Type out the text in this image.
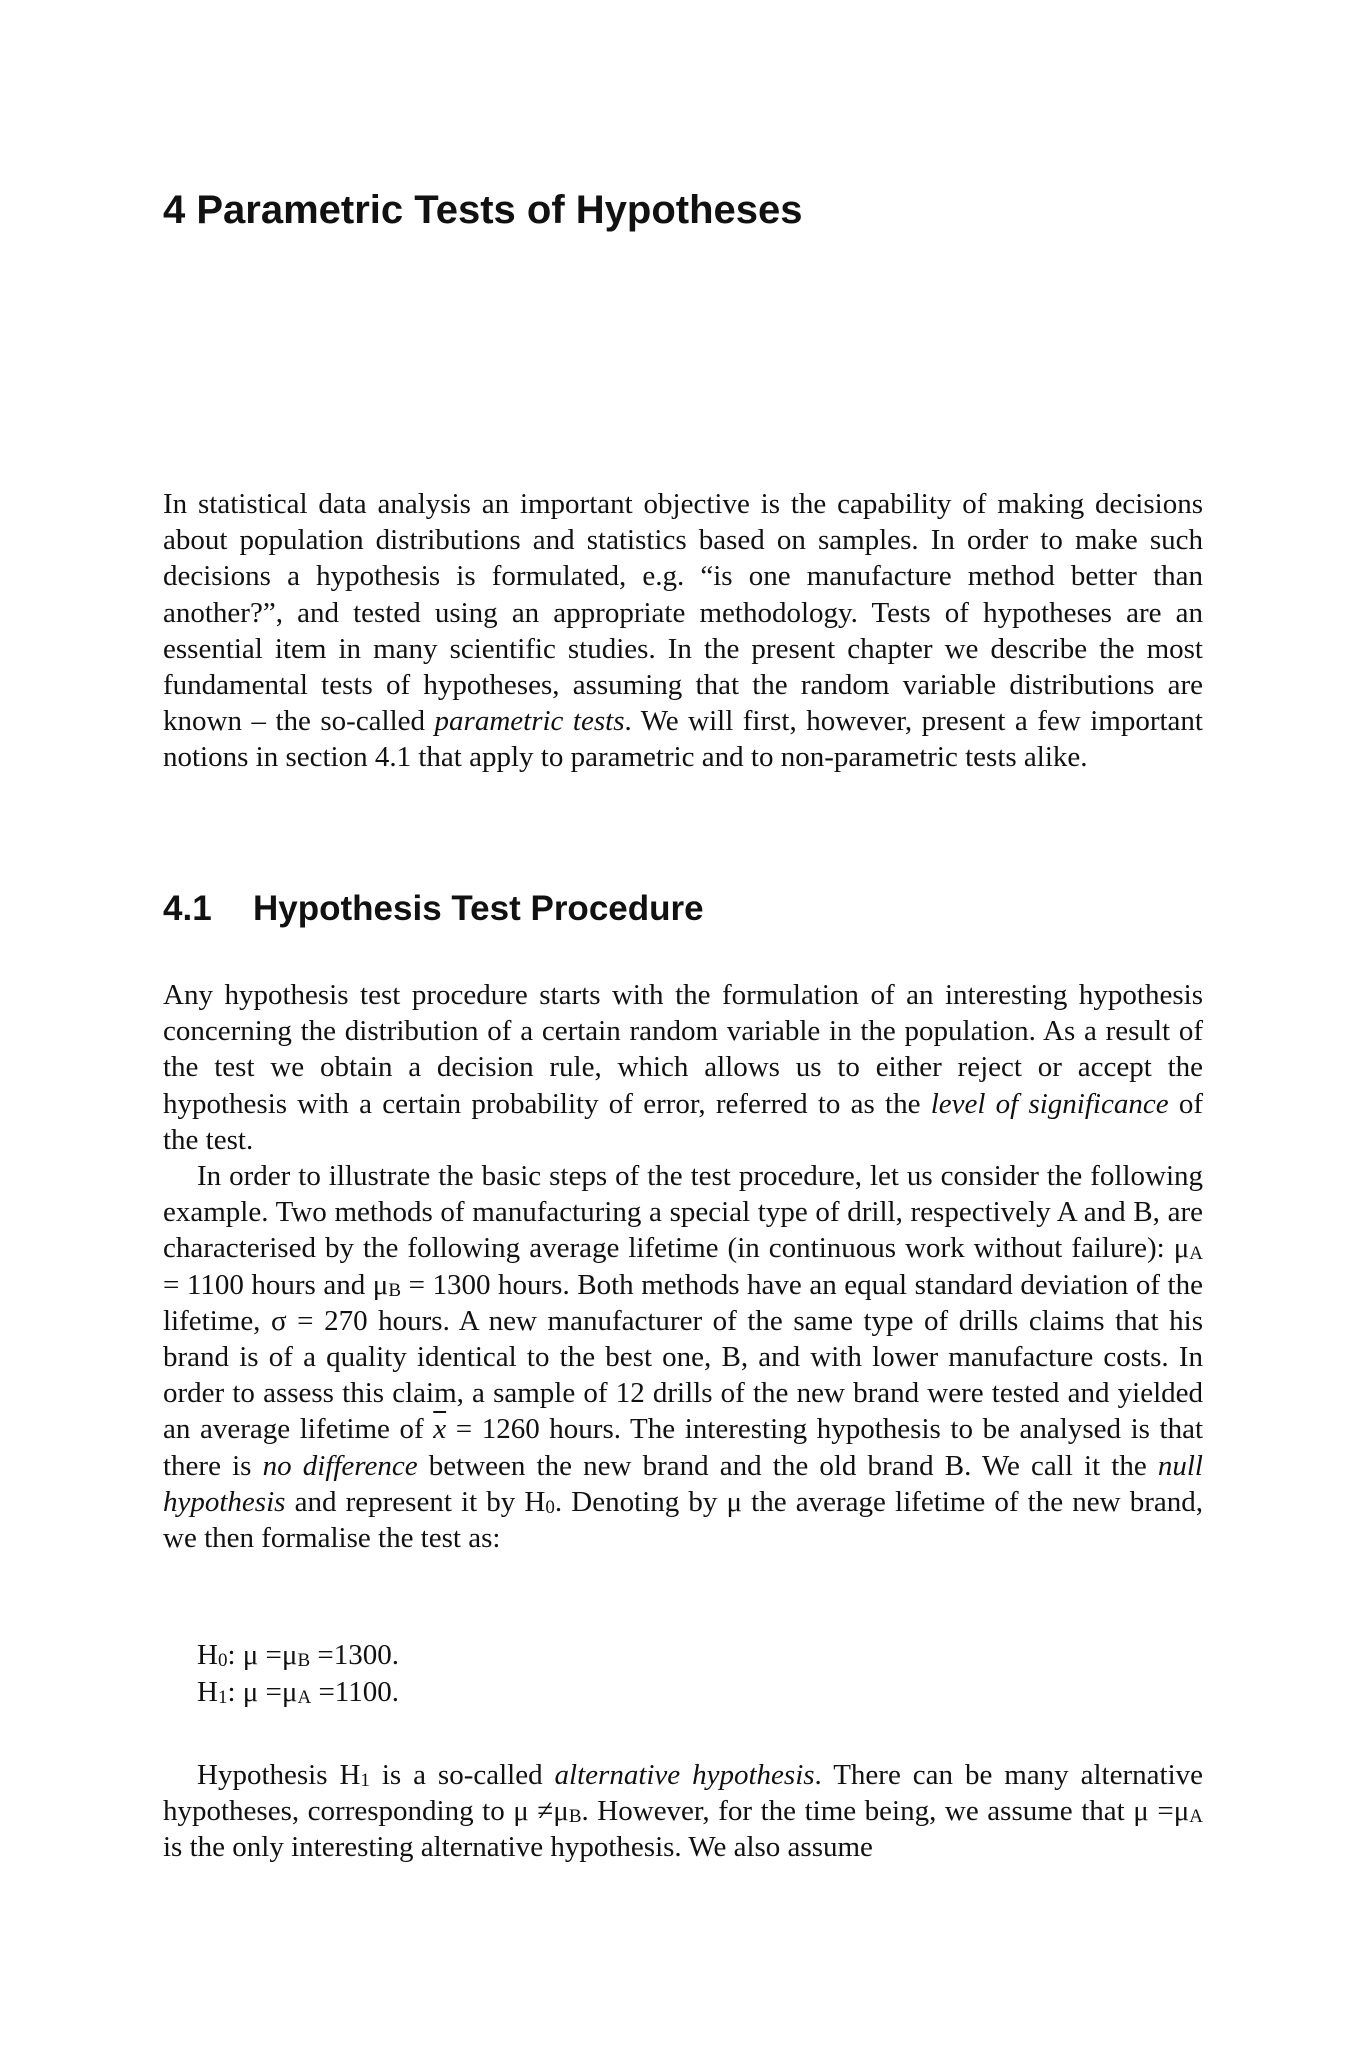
4 Parametric Tests of Hypotheses

In statistical data analysis an important objective is the capability of making decisions about population distributions and statistics based on samples. In order to make such decisions a hypothesis is formulated, e.g. “is one manufacture method better than another?”, and tested using an appropriate methodology. Tests of hypotheses are an essential item in many scientific studies. In the present chapter we describe the most fundamental tests of hypotheses, assuming that the random variable distributions are known – the so-called parametric tests. We will first, however, present a few important notions in section 4.1 that apply to parametric and to non-parametric tests alike.

4.1 Hypothesis Test Procedure

Any hypothesis test procedure starts with the formulation of an interesting hypothesis concerning the distribution of a certain random variable in the population. As a result of the test we obtain a decision rule, which allows us to either reject or accept the hypothesis with a certain probability of error, referred to as the level of significance of the test.

In order to illustrate the basic steps of the test procedure, let us consider the following example. Two methods of manufacturing a special type of drill, respectively A and B, are characterised by the following average lifetime (in continuous work without failure): $\mu_A = 1100$ hours and $\mu_B = 1300$ hours. Both methods have an equal standard deviation of the lifetime, σ = 270 hours. A new manufacturer of the same type of drills claims that his brand is of a quality identical to the best one, B, and with lower manufacture costs. In order to assess this claim, a sample of 12 drills of the new brand were tested and yielded an average lifetime of $\overline{x} = 1260$ hours. The interesting hypothesis to be analysed is that there is no difference between the new brand and the old brand B. We call it the null hypothesis and represent it by $H_0$. Denoting by μ the average lifetime of the new brand, we then formalise the test as:

$H_0$: $\mu =\mu_B =1300$.
$H_1$: $\mu =\mu_A =1100$.

Hypothesis $H_1$ is a so-called alternative hypothesis. There can be many alternative hypotheses, corresponding to $\mu \ne\mu_B$. However, for the time being, we assume that $\mu =\mu_A$ is the only interesting alternative hypothesis. We also assume
